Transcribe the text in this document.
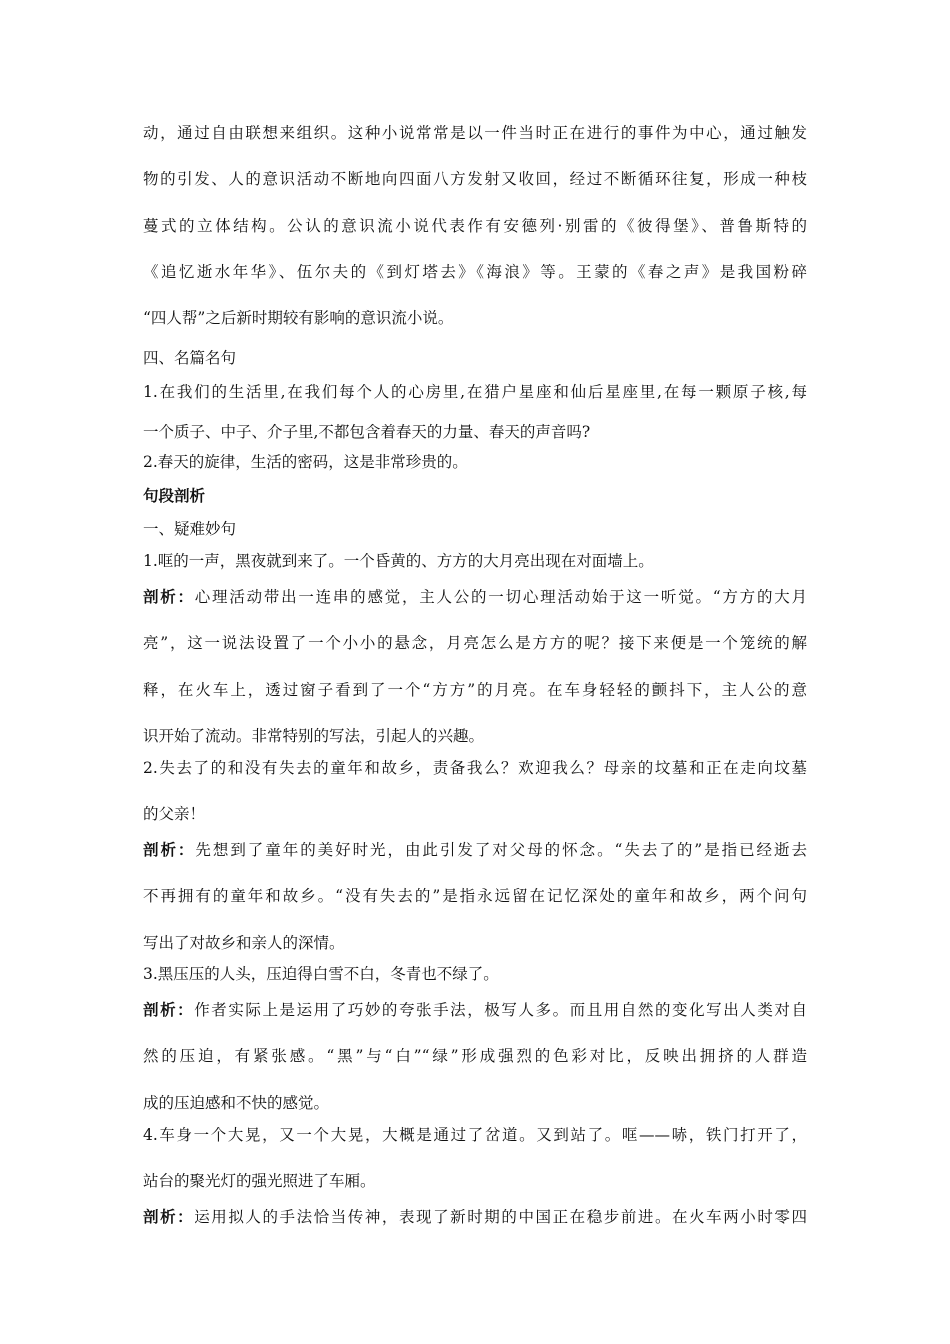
动，通过自由联想来组织。这种小说常常是以一件当时正在进行的事件为中心，通过触发
物的引发、人的意识活动不断地向四面八方发射又收回，经过不断循环往复，形成一种枝
蔓式的立体结构。公认的意识流小说代表作有安德列·别雷的《彼得堡》、普鲁斯特的
《追忆逝水年华》、伍尔夫的《到灯塔去》《海浪》等。王蒙的《春之声》是我国粉碎
“四人帮”之后新时期较有影响的意识流小说。
四、名篇名句
1.在我们的生活里,在我们每个人的心房里,在猎户星座和仙后星座里,在每一颗原子核,每
一个质子、中子、介子里,不都包含着春天的力量、春天的声音吗?
2.春天的旋律，生活的密码，这是非常珍贵的。
句段剖析
一、疑难妙句
1.哐的一声，黑夜就到来了。一个昏黄的、方方的大月亮出现在对面墙上。
剖析：心理活动带出一连串的感觉，主人公的一切心理活动始于这一听觉。“方方的大月
亮”，这一说法设置了一个小小的悬念，月亮怎么是方方的呢？接下来便是一个笼统的解
释，在火车上，透过窗子看到了一个“方方”的月亮。在车身轻轻的颤抖下，主人公的意
识开始了流动。非常特别的写法，引起人的兴趣。
2.失去了的和没有失去的童年和故乡，责备我么？欢迎我么？母亲的坟墓和正在走向坟墓
的父亲！
剖析：先想到了童年的美好时光，由此引发了对父母的怀念。“失去了的”是指已经逝去
不再拥有的童年和故乡。“没有失去的”是指永远留在记忆深处的童年和故乡，两个问句
写出了对故乡和亲人的深情。
3.黑压压的人头，压迫得白雪不白，冬青也不绿了。
剖析：作者实际上是运用了巧妙的夸张手法，极写人多。而且用自然的变化写出人类对自
然的压迫，有紧张感。“黑”与“白”“绿”形成强烈的色彩对比，反映出拥挤的人群造
成的压迫感和不快的感觉。
4.车身一个大晃，又一个大晃，大概是通过了岔道。又到站了。哐——哧，铁门打开了，
站台的聚光灯的强光照进了车厢。
剖析：运用拟人的手法恰当传神，表现了新时期的中国正在稳步前进。在火车两小时零四
